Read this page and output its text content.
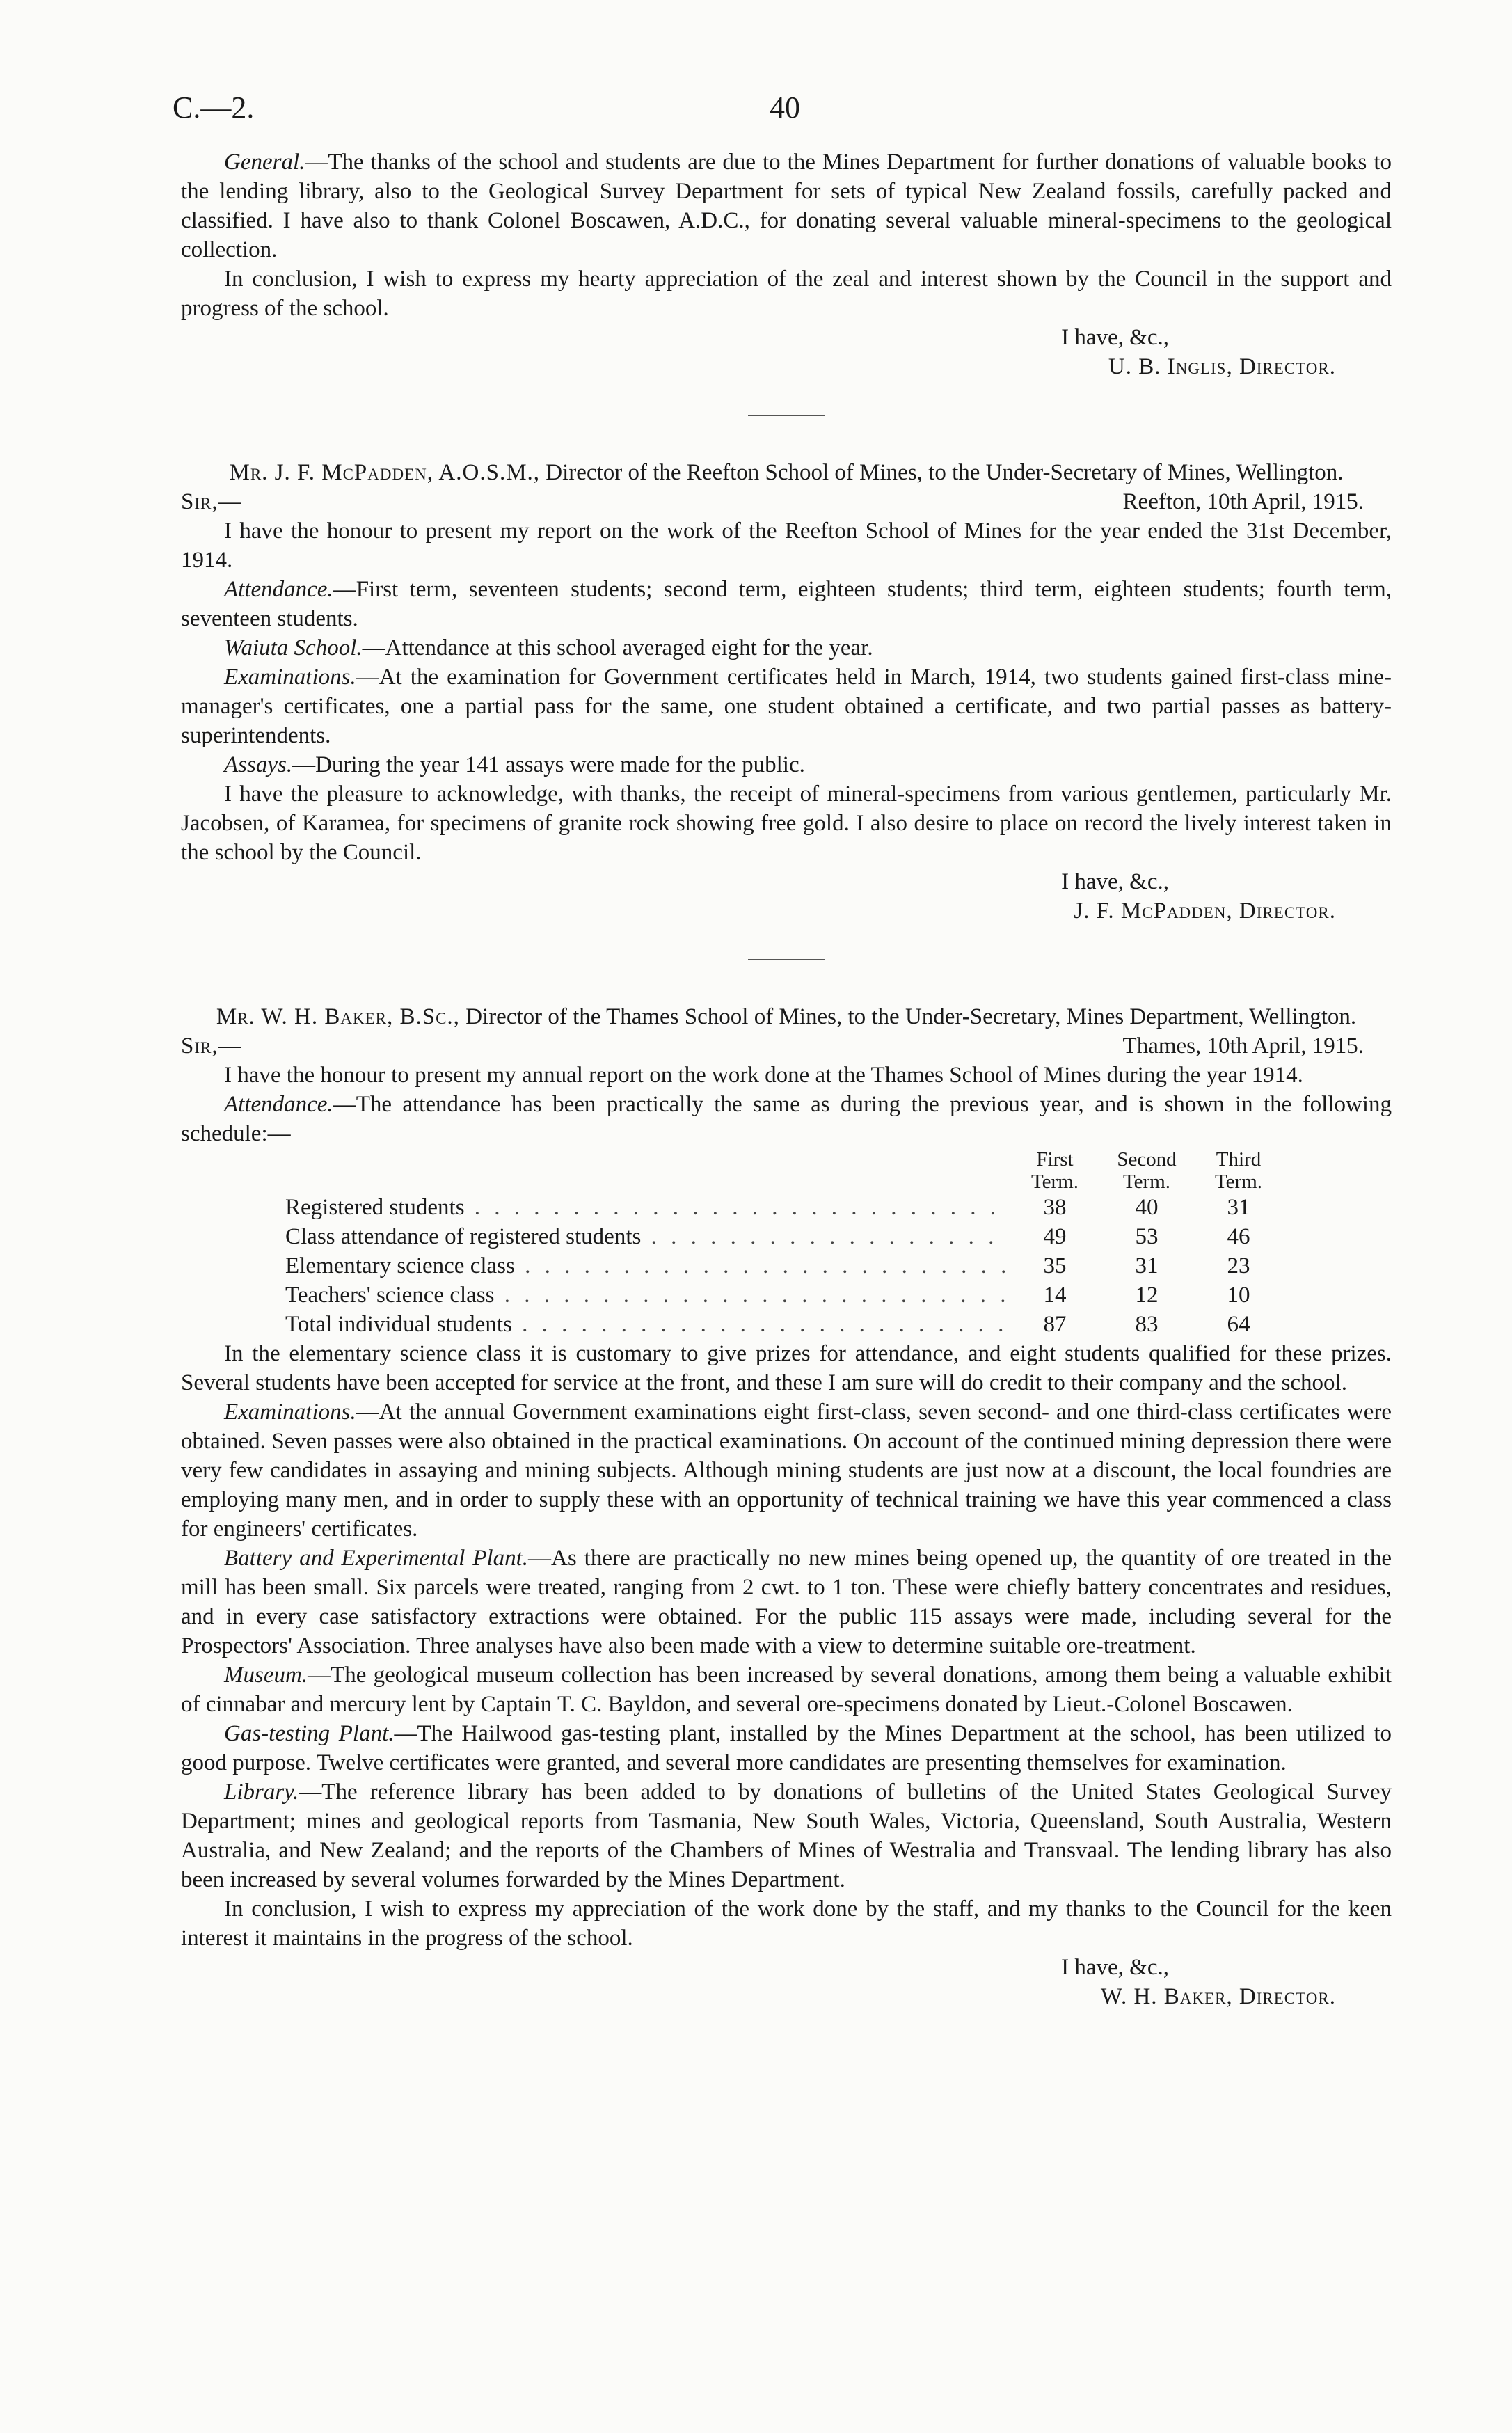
C.—2.	40

General.—The thanks of the school and students are due to the Mines Department for further donations of valuable books to the lending library, also to the Geological Survey Department for sets of typical New Zealand fossils, carefully packed and classified. I have also to thank Colonel Boscawen, A.D.C., for donating several valuable mineral-specimens to the geological collection.

In conclusion, I wish to express my hearty appreciation of the zeal and interest shown by the Council in the support and progress of the school.

I have, &c.,

U. B. Inglis, Director.

Mr. J. F. McPadden, A.O.S.M., Director of the Reefton School of Mines, to the Under-Secretary of Mines, Wellington.

Sir,—	Reefton, 10th April, 1915.

I have the honour to present my report on the work of the Reefton School of Mines for the year ended the 31st December, 1914.

Attendance.—First term, seventeen students; second term, eighteen students; third term, eighteen students; fourth term, seventeen students.

Waiuta School.—Attendance at this school averaged eight for the year.

Examinations.—At the examination for Government certificates held in March, 1914, two students gained first-class mine-manager's certificates, one a partial pass for the same, one student obtained a certificate, and two partial passes as battery-superintendents.

Assays.—During the year 141 assays were made for the public.

I have the pleasure to acknowledge, with thanks, the receipt of mineral-specimens from various gentlemen, particularly Mr. Jacobsen, of Karamea, for specimens of granite rock showing free gold. I also desire to place on record the lively interest taken in the school by the Council.

I have, &c.,

J. F. McPadden, Director.

Mr. W. H. Baker, B.Sc., Director of the Thames School of Mines, to the Under-Secretary, Mines Department, Wellington.

Sir,—	Thames, 10th April, 1915.

I have the honour to present my annual report on the work done at the Thames School of Mines during the year 1914.

Attendance.—The attendance has been practically the same as during the previous year, and is shown in the following schedule:—

First Term.
Second Term.
Third Term.
Registered students . . .	38	40	31
Class attendance of registered students . . .	49	53	46
Elementary science class . . .	35	31	23
Teachers' science class . . .	14	12	10
Total individual students . . .	87	83	64

In the elementary science class it is customary to give prizes for attendance, and eight students qualified for these prizes. Several students have been accepted for service at the front, and these I am sure will do credit to their company and the school.

Examinations.—At the annual Government examinations eight first-class, seven second- and one third-class certificates were obtained. Seven passes were also obtained in the practical examinations. On account of the continued mining depression there were very few candidates in assaying and mining subjects. Although mining students are just now at a discount, the local foundries are employing many men, and in order to supply these with an opportunity of technical training we have this year commenced a class for engineers' certificates.

Battery and Experimental Plant.—As there are practically no new mines being opened up, the quantity of ore treated in the mill has been small. Six parcels were treated, ranging from 2 cwt. to 1 ton. These were chiefly battery concentrates and residues, and in every case satisfactory extractions were obtained. For the public 115 assays were made, including several for the Prospectors' Association. Three analyses have also been made with a view to determine suitable ore-treatment.

Museum.—The geological museum collection has been increased by several donations, among them being a valuable exhibit of cinnabar and mercury lent by Captain T. C. Bayldon, and several ore-specimens donated by Lieut.-Colonel Boscawen.

Gas-testing Plant.—The Hailwood gas-testing plant, installed by the Mines Department at the school, has been utilized to good purpose. Twelve certificates were granted, and several more candidates are presenting themselves for examination.

Library.—The reference library has been added to by donations of bulletins of the United States Geological Survey Department; mines and geological reports from Tasmania, New South Wales, Victoria, Queensland, South Australia, Western Australia, and New Zealand; and the reports of the Chambers of Mines of Westralia and Transvaal. The lending library has also been increased by several volumes forwarded by the Mines Department.

In conclusion, I wish to express my appreciation of the work done by the staff, and my thanks to the Council for the keen interest it maintains in the progress of the school.

I have, &c.,

W. H. Baker, Director.
